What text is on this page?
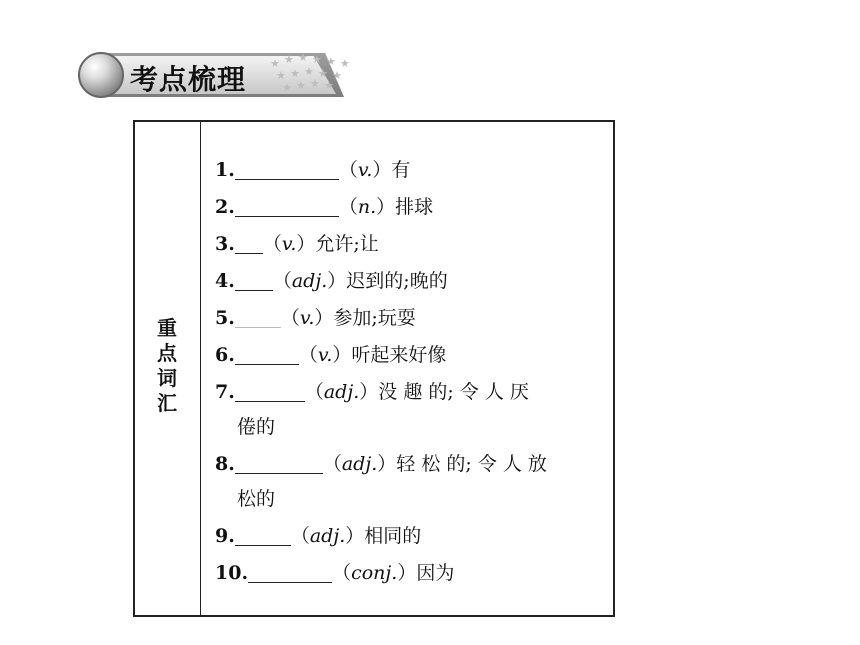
考点梳理 ★ ★ ★ ★ ★ ★
★ ★ ★ ★ ★
★ ★ ★ ★
重点词汇
1.	（v.）有
2.	（n.）排球
3. （v.）允许;让
4. （adj.）迟到的;晚的
5. （v.）参加;玩耍
6.	（v.）听起来好像
7.	（adj.）没 趣 的; 令 人 厌
倦的
8.	（adj.）轻 松 的; 令 人 放
松的
9.	（adj.）相同的
10.	（conj.）因为
